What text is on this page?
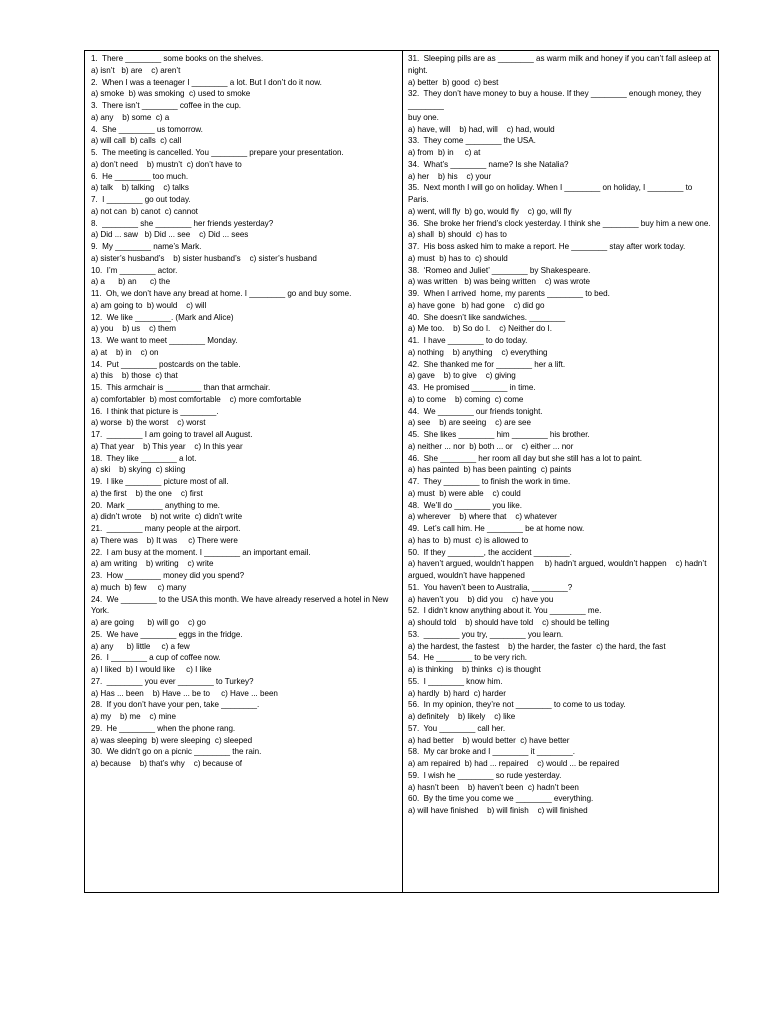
1.  There ________ some books on the shelves.
a) isn’t   b) are    c) aren’t
2.  When I was a teenager I ________ a lot. But I don’t do it now.
a) smoke  b) was smoking  c) used to smoke
3.  There isn’t ________ coffee in the cup.
a) any    b) some  c) a
4.  She ________ us tomorrow.
a) will call  b) calls  c) call
5.  The meeting is cancelled. You ________ prepare your presentation.
a) don’t need    b) mustn’t  c) don’t have to
6.  He ________ too much.
a) talk    b) talking    c) talks
7.  I ________ go out today.
a) not can  b) canot  c) cannot
8.  ________ she ________ her friends yesterday?
a) Did ... saw   b) Did ... see    c) Did ... sees
9.  My ________ name’s Mark.
a) sister’s husband’s    b) sister husband’s    c) sister’s husband
10.  I’m ________ actor.
a) a      b) an      c) the
11.  Oh, we don’t have any bread at home. I ________ go and buy some.
a) am going to  b) would    c) will
12.  We like ________. (Mark and Alice)
a) you    b) us    c) them
13.  We want to meet ________ Monday.
a) at    b) in    c) on
14.  Put ________ postcards on the table.
a) this    b) those  c) that
15.  This armchair is ________ than that armchair.
a) comfortabler  b) most comfortable    c) more comfortable
16.  I think that picture is ________.
a) worse  b) the worst    c) worst
17.  ________ I am going to travel all August.
a) That year    b) This year    c) In this year
18.  They like ________ a lot.
a) ski    b) skying  c) skiing
19.  I like ________ picture most of all.
a) the first    b) the one    c) first
20.  Mark ________ anything to me.
a) didn’t wrote    b) not write  c) didn’t write
21.  ________ many people at the airport.
a) There was    b) It was     c) There were
22.  I am busy at the moment. I ________ an important email.
a) am writing    b) writing    c) write
23.  How ________ money did you spend?
a) much  b) few     c) many
24.  We ________ to the USA this month. We have already reserved a hotel in New York.
a) are going      b) will go    c) go
25.  We have ________ eggs in the fridge.
a) any      b) little     c) a few
26.  I ________ a cup of coffee now.
a) I liked  b) I would like     c) I like
27.  ________ you ever ________ to Turkey?
a) Has ... been    b) Have ... be to     c) Have ... been
28.  If you don’t have your pen, take ________.
a) my    b) me    c) mine
29.  He ________ when the phone rang.
a) was sleeping  b) were sleeping  c) sleeped
30.  We didn’t go on a picnic ________ the rain.
a) because    b) that’s why    c) because of
31.  Sleeping pills are as ________ as warm milk and honey if you can’t fall asleep at night.
a) better  b) good  c) best
32.  They don’t have money to buy a house. If they ________ enough money, they ________
buy one.
a) have, will    b) had, will    c) had, would
33.  They come ________ the USA.
a) from  b) in     c) at
34.  What’s ________ name? Is she Natalia?
a) her    b) his    c) your
35.  Next month I will go on holiday. When I ________ on holiday, I ________ to Paris.
a) went, will fly  b) go, would fly    c) go, will fly
36.  She broke her friend’s clock yesterday. I think she ________ buy him a new one.
a) shall  b) should  c) has to
37.  His boss asked him to make a report. He ________ stay after work today.
a) must  b) has to  c) should
38.  ‘Romeo and Juliet’ ________ by Shakespeare.
a) was written   b) was being written    c) was wrote
39.  When I arrived  home, my parents ________ to bed.
a) have gone   b) had gone    c) did go
40.  She doesn’t like sandwiches. ________
a) Me too.    b) So do I.    c) Neither do I.
41.  I have ________ to do today.
a) nothing    b) anything    c) everything
42.  She thanked me for ________ her a lift.
a) gave    b) to give    c) giving
43.  He promised ________ in time.
a) to come    b) coming  c) come
44.  We ________ our friends tonight.
a) see    b) are seeing    c) are see
45.  She likes ________ him ________ his brother.
a) neither ... nor  b) both ... or    c) either ... nor
46.  She ________ her room all day but she still has a lot to paint.
a) has painted  b) has been painting  c) paints
47.  They ________ to finish the work in time.
a) must  b) were able    c) could
48.  We’ll do ________ you like.
a) wherever    b) where that    c) whatever
49.  Let’s call him. He ________ be at home now.
a) has to  b) must  c) is allowed to
50.  If they ________, the accident ________.
a) haven’t argued, wouldn’t happen     b) hadn’t argued, wouldn’t happen    c) hadn’t
argued, wouldn’t have happened
51.  You haven’t been to Australia, ________?
a) haven’t you    b) did you    c) have you
52.  I didn’t know anything about it. You ________ me.
a) should told    b) should have told    c) should be telling
53.  ________ you try, ________ you learn.
a) the hardest, the fastest    b) the harder, the faster  c) the hard, the fast
54.  He ________ to be very rich.
a) is thinking    b) thinks  c) is thought
55.  I ________ know him.
a) hardly  b) hard  c) harder
56.  In my opinion, they’re not ________ to come to us today.
a) definitely    b) likely    c) like
57.  You ________ call her.
a) had better    b) would better  c) have better
58.  My car broke and I ________ it ________.
a) am repaired  b) had ... repaired    c) would ... be repaired
59.  I wish he ________ so rude yesterday.
a) hasn’t been    b) haven’t been  c) hadn’t been
60.  By the time you come we ________ everything.
a) will have finished    b) will finish    c) will finished
